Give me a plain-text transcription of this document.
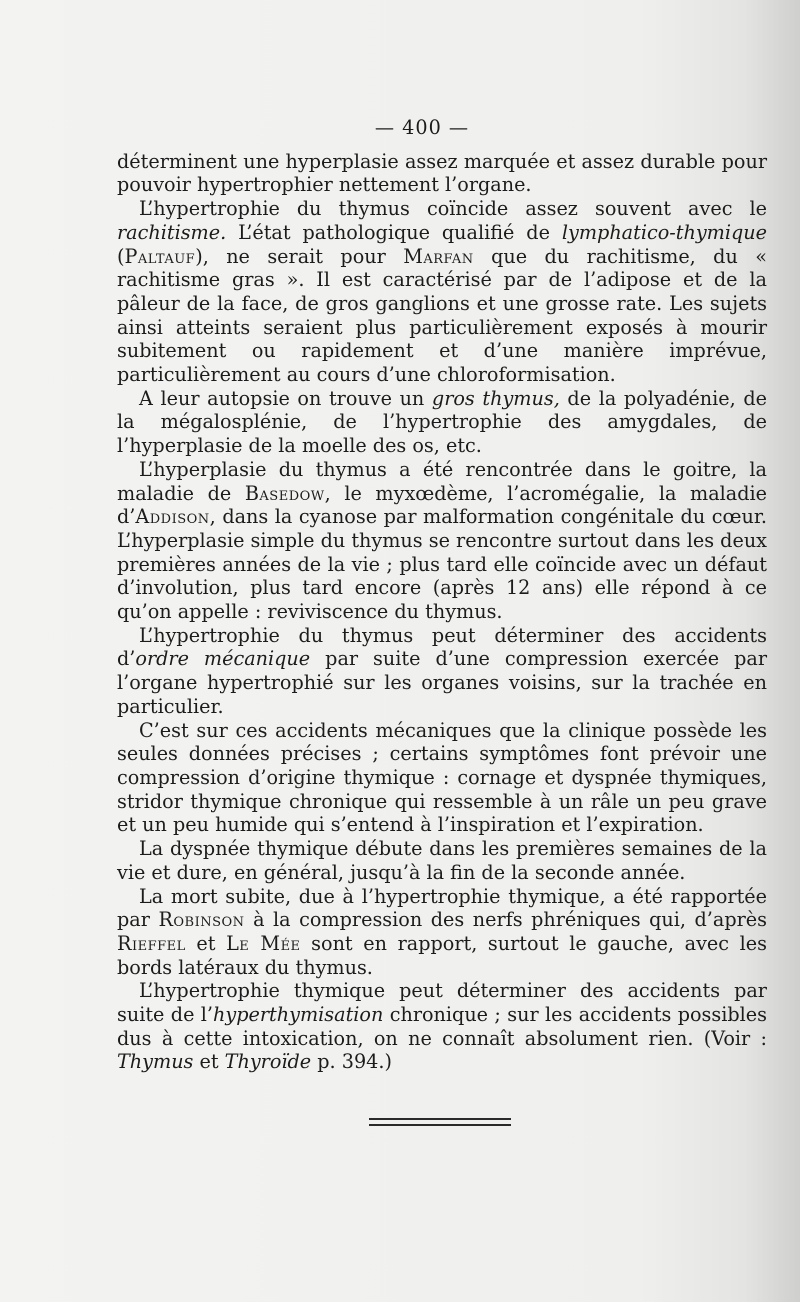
— 400 —

déterminent une hyperplasie assez marquée et assez durable pour pouvoir hypertrophier nettement l’organe.

L’hypertrophie du thymus coïncide assez souvent avec le rachitisme. L’état pathologique qualifié de lymphatico-thymique (Paltauf), ne serait pour Marfan que du rachitisme, du « rachitisme gras ». Il est caractérisé par de l’adipose et de la pâleur de la face, de gros ganglions et une grosse rate. Les sujets ainsi atteints seraient plus particulièrement exposés à mourir subitement ou rapidement et d’une manière imprévue, particulièrement au cours d’une chloroformisation.

A leur autopsie on trouve un gros thymus, de la polyadénie, de la mégalosplénie, de l’hypertrophie des amygdales, de l’hyperplasie de la moelle des os, etc.

L’hyperplasie du thymus a été rencontrée dans le goitre, la maladie de Basedow, le myxœdème, l’acromégalie, la maladie d’Addison, dans la cyanose par malformation congénitale du cœur. L’hyperplasie simple du thymus se rencontre surtout dans les deux premières années de la vie ; plus tard elle coïncide avec un défaut d’involution, plus tard encore (après 12 ans) elle répond à ce qu’on appelle : reviviscence du thymus.

L’hypertrophie du thymus peut déterminer des accidents d’ordre mécanique par suite d’une compression exercée par l’organe hypertrophié sur les organes voisins, sur la trachée en particulier.

C’est sur ces accidents mécaniques que la clinique possède les seules données précises ; certains symptômes font prévoir une compression d’origine thymique : cornage et dyspnée thymiques, stridor thymique chronique qui ressemble à un râle un peu grave et un peu humide qui s’entend à l’inspiration et l’expiration.

La dyspnée thymique débute dans les premières semaines de la vie et dure, en général, jusqu’à la fin de la seconde année.

La mort subite, due à l’hypertrophie thymique, a été rapportée par Robinson à la compression des nerfs phréniques qui, d’après Rieffel et Le Mée sont en rapport, surtout le gauche, avec les bords latéraux du thymus.

L’hypertrophie thymique peut déterminer des accidents par suite de l’hyperthymisation chronique ; sur les accidents possibles dus à cette intoxication, on ne connaît absolument rien. (Voir : Thymus et Thyroïde p. 394.)
